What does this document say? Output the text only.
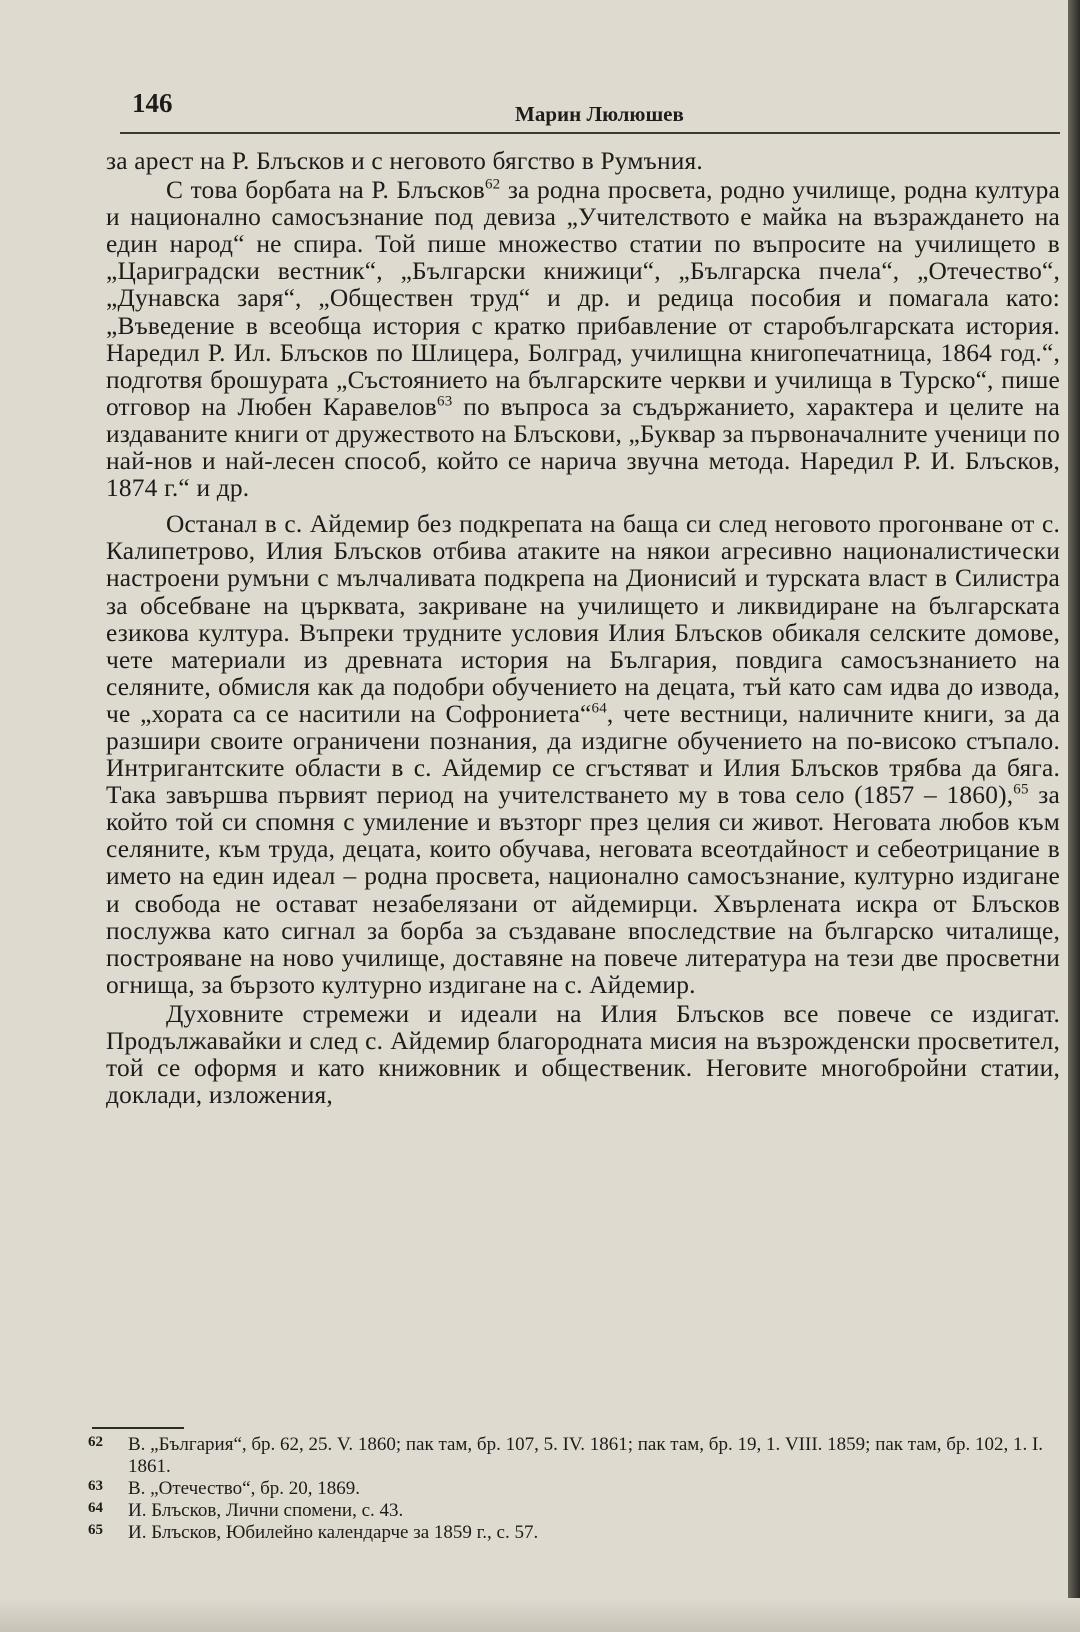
146	Марин Люлюшев

за арест на Р. Блъсков и с неговото бягство в Румъния.

С това борбата на Р. Блъсков$^{62}$ за родна просвета, родно училище, родна култура и национално самосъзнание под девиза „Учителството е майка на възраждането на един народ“ не спира. Той пише множество статии по въпросите на училището в „Цариградски вестник“, „Български книжици“, „Българска пчела“, „Отечество“, „Дунавска заря“, „Обществен труд“ и др. и редица пособия и помагала като: „Въведение в всеобща история с кратко прибавление от старобългарската история. Наредил Р. Ил. Блъсков по Шлицера, Болград, училищна книгопечатница, 1864 год.“, подготвя брошурата „Състоянието на българските черкви и училища в Турско“, пише отговор на Любен Каравелов$^{63}$ по въпроса за съдържанието, характера и целите на издаваните книги от дружеството на Блъскови, „Буквар за първоначалните ученици по най-нов и най-лесен способ, който се нарича звучна метода. Наредил Р. И. Блъсков, 1874 г.“ и др.

Останал в с. Айдемир без подкрепата на баща си след неговото прогонване от с. Калипетрово, Илия Блъсков отбива атаките на някои агресивно националистически настроени румъни с мълчаливата подкрепа на Дионисий и турската власт в Силистра за обсебване на църквата, закриване на училището и ликвидиране на българската езикова култура. Въпреки трудните условия Илия Блъсков обикаля селските домове, чете материали из древната история на България, повдига самосъзнанието на селяните, обмисля как да подобри обучението на децата, тъй като сам идва до извода, че „хората са се наситили на Софрониета“$^{64}$, чете вестници, наличните книги, за да разшири своите ограничени познания, да издигне обучението на по-високо стъпало. Интригантските области в с. Айдемир се сгъстяват и Илия Блъсков трябва да бяга. Така завършва първият период на учителстването му в това село (1857 – 1860),$^{65}$ за който той си спомня с умиление и възторг през целия си живот. Неговата любов към селяните, към труда, децата, които обучава, неговата всеотдайност и себеотрицание в името на един идеал – родна просвета, национално самосъзнание, културно издигане и свобода не остават незабелязани от айдемирци. Хвърлената искра от Блъсков послужва като сигнал за борба за създаване впоследствие на българско читалище, построяване на ново училище, доставяне на повече литература на тези две просветни огнища, за бързото културно издигане на с. Айдемир.

Духовните стремежи и идеали на Илия Блъсков все повече се издигат. Продължавайки и след с. Айдемир благородната мисия на възрожденски просветител, той се оформя и като книжовник и общественик. Неговите многобройни статии, доклади, изложения,

62 В. „България“, бр. 62, 25. V. 1860; пак там, бр. 107, 5. IV. 1861; пак там, бр. 19, 1. VIII. 1859; пак там, бр. 102, 1. I. 1861.
63 В. „Отечество“, бр. 20, 1869.
64 И. Блъсков, Лични спомени, с. 43.
65 И. Блъсков, Юбилейно календарче за 1859 г., с. 57.
